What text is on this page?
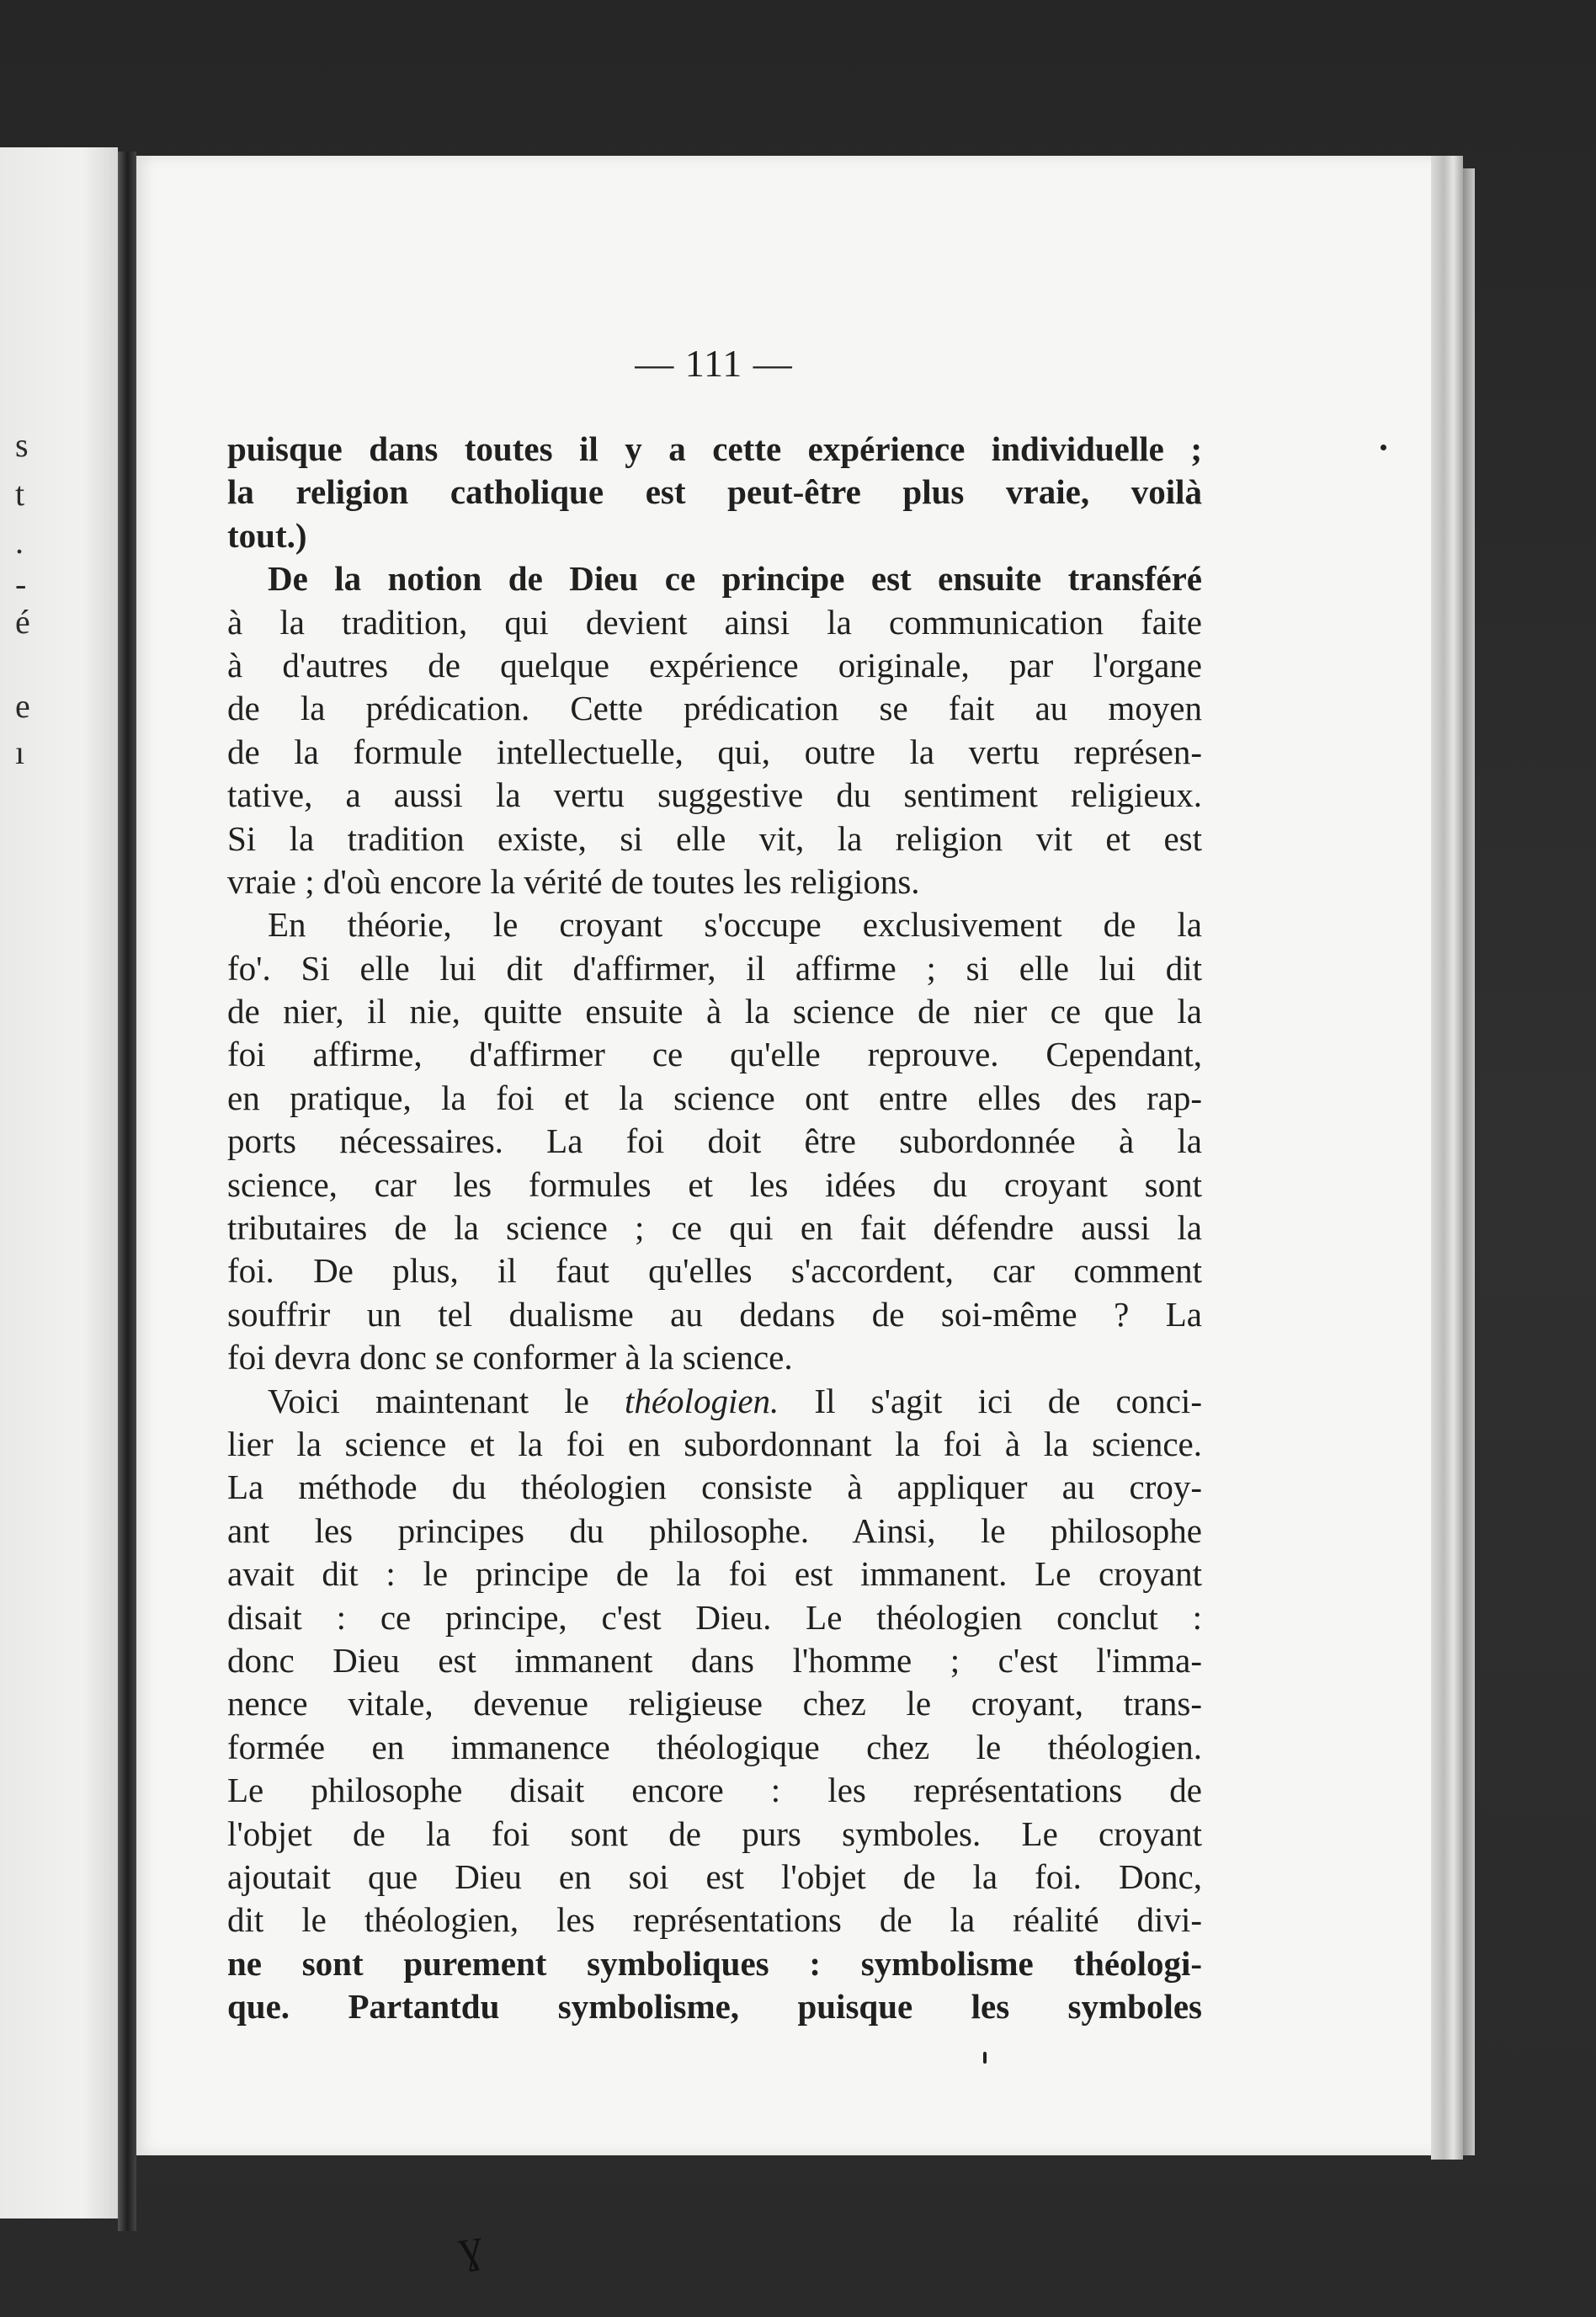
s
t
.
-
é
e
ı
— 111 —
puisque dans toutes il y a cette expérience individuelle ;
la religion catholique est peut-être plus vraie, voilà
tout.)
De la notion de Dieu ce principe est ensuite transféré
à la tradition, qui devient ainsi la communication faite
à d'autres de quelque expérience originale, par l'organe
de la prédication. Cette prédication se fait au moyen
de la formule intellectuelle, qui, outre la vertu représen-
tative, a aussi la vertu suggestive du sentiment religieux.
Si la tradition existe, si elle vit, la religion vit et est
vraie ; d'où encore la vérité de toutes les religions.
En théorie, le croyant s'occupe exclusivement de la
fo'. Si elle lui dit d'affirmer, il affirme ; si elle lui dit
de nier, il nie, quitte ensuite à la science de nier ce que la
foi affirme, d'affirmer ce qu'elle reprouve. Cependant,
en pratique, la foi et la science ont entre elles des rap-
ports nécessaires. La foi doit être subordonnée à la
science, car les formules et les idées du croyant sont
tributaires de la science ; ce qui en fait défendre aussi la
foi. De plus, il faut qu'elles s'accordent, car comment
souffrir un tel dualisme au dedans de soi-même ? La
foi devra donc se conformer à la science.
Voici maintenant le théologien. Il s'agit ici de conci-
lier la science et la foi en subordonnant la foi à la science.
La méthode du théologien consiste à appliquer au croy-
ant les principes du philosophe. Ainsi, le philosophe
avait dit : le principe de la foi est immanent. Le croyant
disait : ce principe, c'est Dieu. Le théologien conclut :
donc Dieu est immanent dans l'homme ; c'est l'imma-
nence vitale, devenue religieuse chez le croyant, trans-
formée en immanence théologique chez le théologien.
Le philosophe disait encore : les représentations de
l'objet de la foi sont de purs symboles. Le croyant
ajoutait que Dieu en soi est l'objet de la foi. Donc,
dit le théologien, les représentations de la réalité divi-
ne sont purement symboliques : symbolisme théologi-
que. Partantdu symbolisme, puisque les symboles
ɣ
